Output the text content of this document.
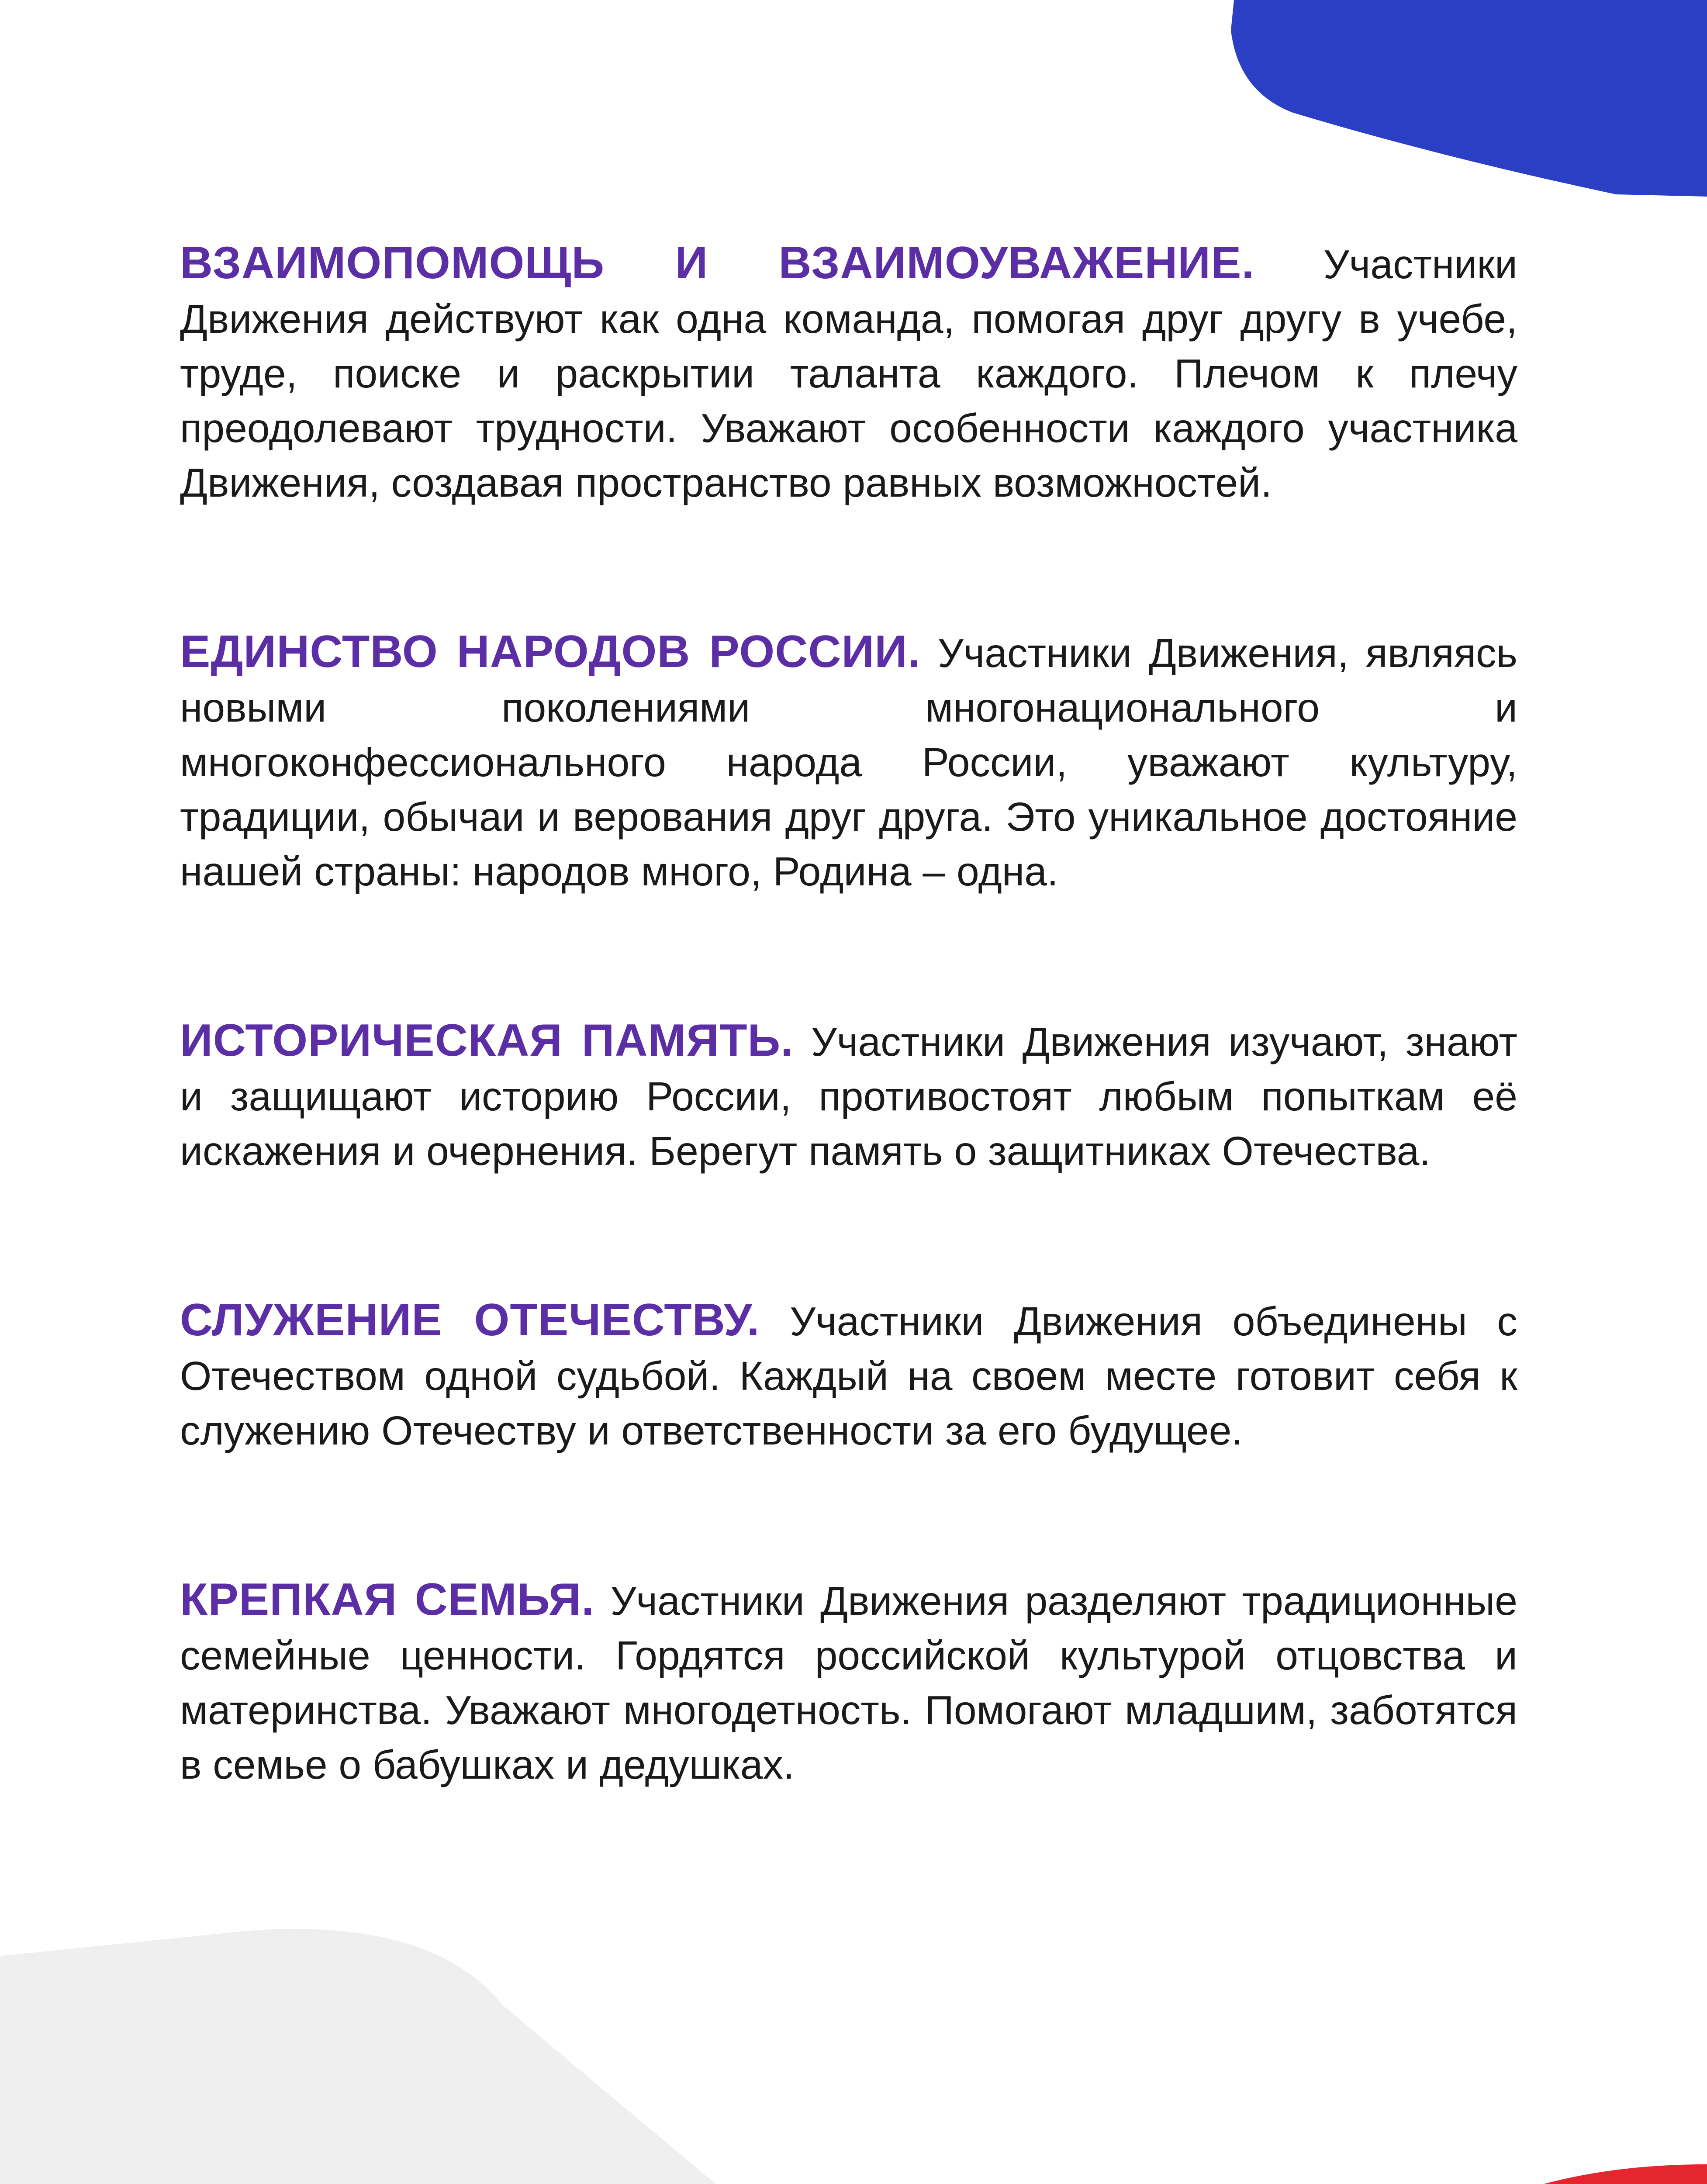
ВЗАИМОПОМОЩЬ И ВЗАИМОУВАЖЕНИЕ. Участники Движения действуют как одна команда, помогая друг другу в учебе, труде, поиске и раскрытии таланта каждого. Плечом к плечу преодолевают трудности. Уважают особенности каждого участника Движения, создавая пространство равных возможностей.

ЕДИНСТВО НАРОДОВ РОССИИ. Участники Движения, являясь новыми поколениями многонационального и многоконфессионального народа России, уважают культуру, традиции, обычаи и верования друг друга. Это уникальное достояние нашей страны: народов много, Родина – одна.

ИСТОРИЧЕСКАЯ ПАМЯТЬ. Участники Движения изучают, знают и защищают историю России, противостоят любым попыткам её искажения и очернения. Берегут память о защитниках Отечества.

СЛУЖЕНИЕ ОТЕЧЕСТВУ. Участники Движения объединены с Отечеством одной судьбой. Каждый на своем месте готовит себя к служению Отечеству и ответственности за его будущее.

КРЕПКАЯ СЕМЬЯ. Участники Движения разделяют традиционные семейные ценности. Гордятся российской культурой отцовства и материнства. Уважают многодетность. Помогают младшим, заботятся в семье о бабушках и дедушках.
